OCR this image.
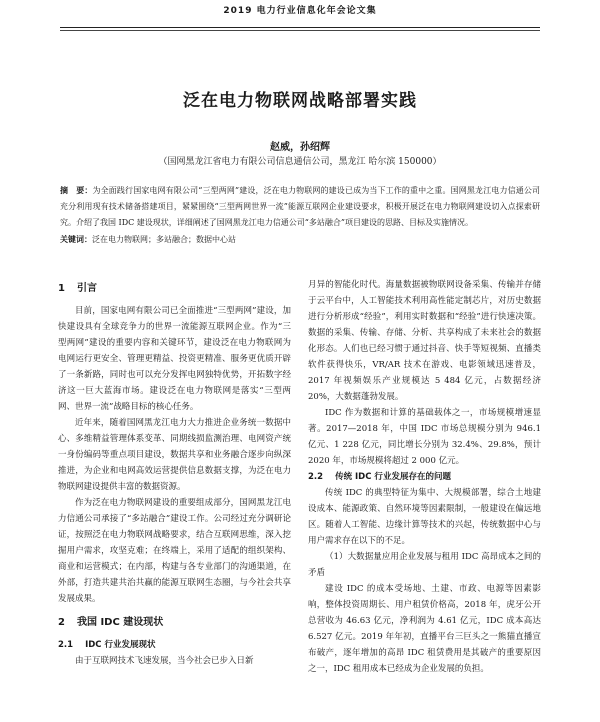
2019 电力行业信息化年会论文集
泛在电力物联网战略部署实践
赵威，孙绍辉
（国网黑龙江省电力有限公司信息通信公司，黑龙江 哈尔滨 150000）
摘　要：为全面践行国家电网有限公司“三型两网”建设，泛在电力物联网的建设已成为当下工作的重中之重。国网黑龙江电力信通公司充分利用现有技术储备搭建项目，紧紧围绕“三型两网世界一流”能源互联网企业建设要求，积极开展泛在电力物联网建设切入点探索研究。介绍了我国 IDC 建设现状，详细阐述了国网黑龙江电力信通公司“多站融合”项目建设的思路、目标及实施情况。
关键词：泛在电力物联网；多站融合；数据中心站
1 引言

目前，国家电网有限公司已全面推进“三型两网”建设，加快建设具有全球竞争力的世界一流能源互联网企业。作为“三型两网”建设的重要内容和关键环节，建设泛在电力物联网为电网运行更安全、管理更精益、投资更精准、服务更优质开辟了一条新路，同时也可以充分发挥电网独特优势，开拓数字经济这一巨大蓝海市场。建设泛在电力物联网是落实“三型两网、世界一流”战略目标的核心任务。

近年来，随着国网黑龙江电力大力推进企业务统一数据中心、多维精益管理体系变革、同期线损监测治理、电网资产统一身份编码等重点项目建设，数据共享和业务融合逐步向纵深推进，为企业和电网高效运营提供信息数据支撑，为泛在电力物联网建设提供丰富的数据资源。

作为泛在电力物联网建设的重要组成部分，国网黑龙江电力信通公司承接了“多站融合”建设工作。公司经过充分调研论证，按照泛在电力物联网战略要求，结合互联网思维，深入挖掘用户需求，攻坚克难；在终端上，采用了适配的组织架构、商业和运营模式；在内部，构建与各专业部门的沟通渠道，在外部，打造共建共治共赢的能源互联网生态圈，与今社会共享发展成果。

2 我国 IDC 建设现状
2.1 IDC 行业发展现状

由于互联网技术飞速发展，当今社会已步入日新

月异的智能化时代。海量数据被物联网设备采集、传输并存储于云平台中，人工智能技术利用高性能定制芯片，对历史数据进行分析形成“经验”，利用实时数据和“经验”进行快速决策。数据的采集、传输、存储、分析、共享构成了未来社会的数据化形态。人们也已经习惯于通过抖音、快手等短视频、直播类软件获得快乐，VR/AR 技术在游戏、电影领域迅速普及，2017 年视频娱乐产业规模达 5 484 亿元，占数据经济 20%，大数据蓬勃发展。

IDC 作为数据和计算的基础载体之一，市场规模增速显著。2017—2018 年，中国 IDC 市场总规模分别为 946.1 亿元、1 228 亿元，同比增长分别为 32.4%、29.8%，预计 2020 年，市场规模将超过 2 000 亿元。

2.2 传统 IDC 行业发展存在的问题

传统 IDC 的典型特征为集中、大规模部署，综合土地建设成本、能源政策、自然环境等因素限制，一般建设在偏远地区。随着人工智能、边缘计算等技术的兴起，传统数据中心与用户需求存在以下的不足。

（1）大数据量应用企业发展与租用 IDC 高昂成本之间的矛盾

建设 IDC 的成本受场地、土建、市政、电源等因素影响，整体投资周期长、用户租赁价格高，2018 年，虎牙公开总营收为 46.63 亿元，净利润为 4.61 亿元，IDC 成本高达 6.527 亿元。2019 年年初，直播平台三巨头之一熊猫直播宣布破产，逐年增加的高昂 IDC 租赁费用是其破产的重要原因之一，IDC 租用成本已经成为企业发展的负担。
